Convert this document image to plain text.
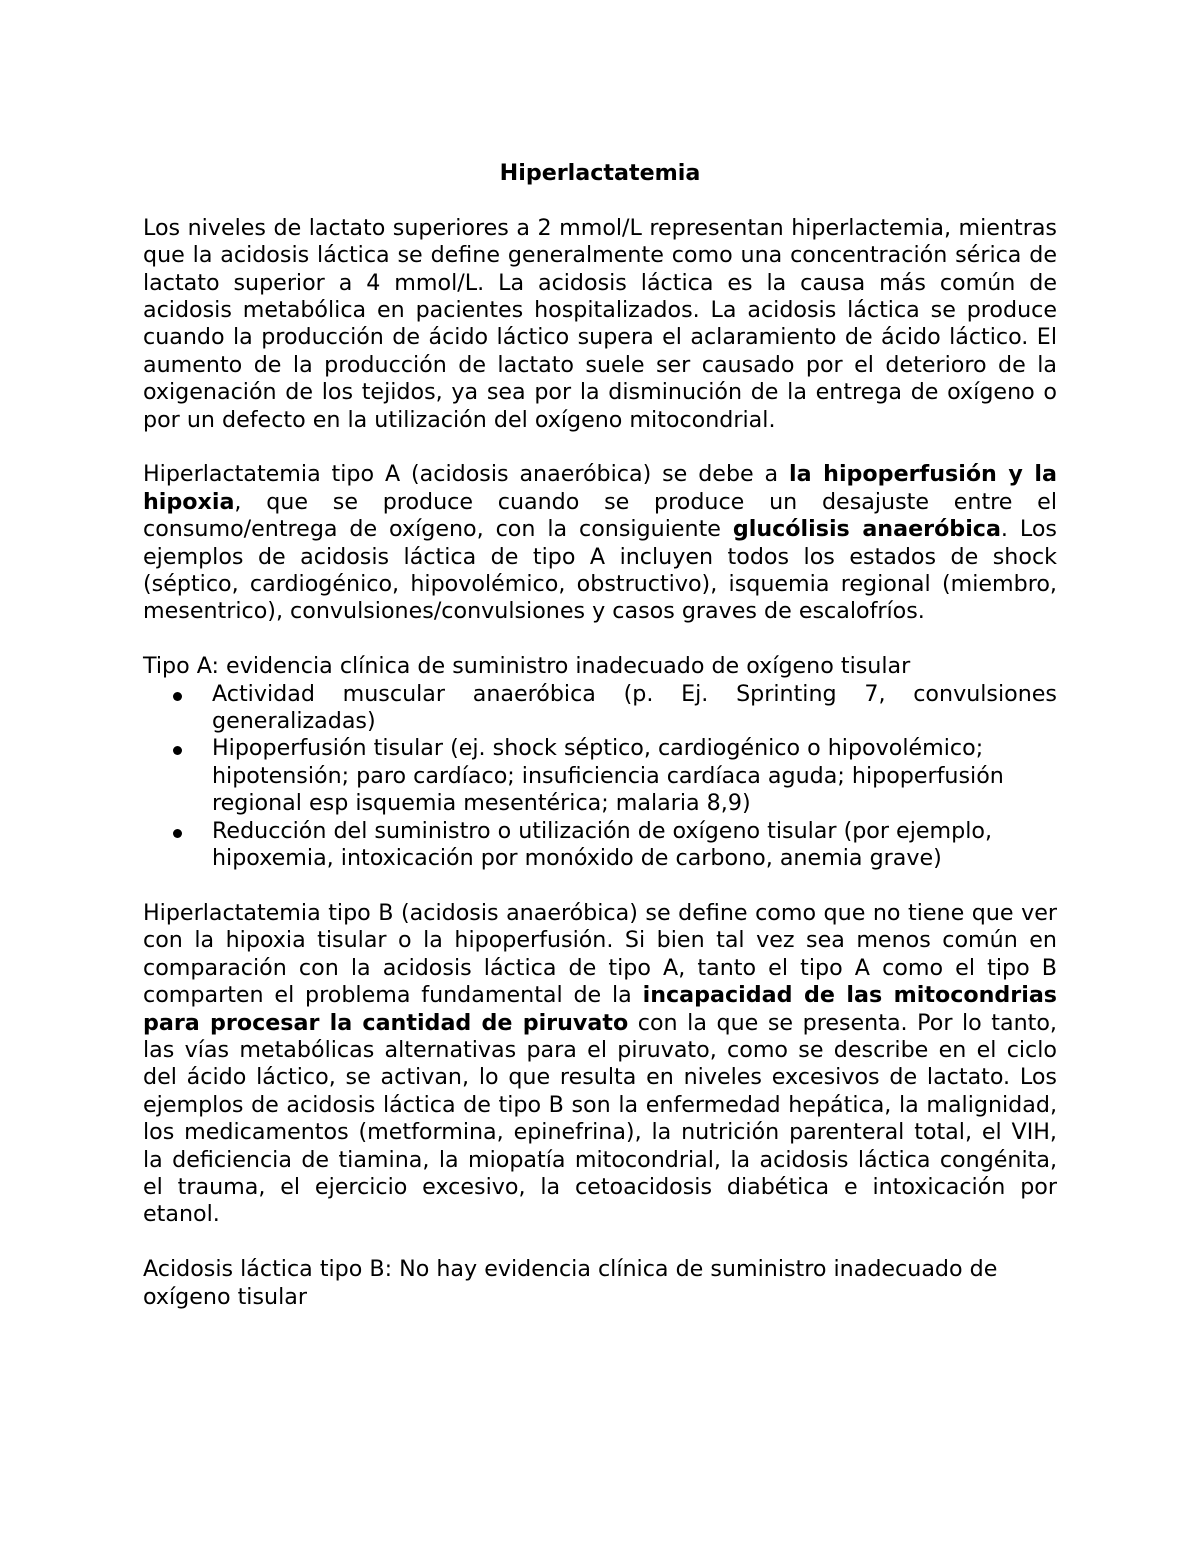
Hiperlactatemia

Los niveles de lactato superiores a 2 mmol/L representan hiperlactemia, mientras que la acidosis láctica se define generalmente como una concentración sérica de lactato superior a 4 mmol/L. La acidosis láctica es la causa más común de acidosis metabólica en pacientes hospitalizados. La acidosis láctica se produce cuando la producción de ácido láctico supera el aclaramiento de ácido láctico. El aumento de la producción de lactato suele ser causado por el deterioro de la oxigenación de los tejidos, ya sea por la disminución de la entrega de oxígeno o por un defecto en la utilización del oxígeno mitocondrial.

Hiperlactatemia tipo A (acidosis anaeróbica) se debe a la hipoperfusión y la hipoxia, que se produce cuando se produce un desajuste entre el consumo/entrega de oxígeno, con la consiguiente glucólisis anaeróbica. Los ejemplos de acidosis láctica de tipo A incluyen todos los estados de shock (séptico, cardiogénico, hipovolémico, obstructivo), isquemia regional (miembro, mesentrico), convulsiones/convulsiones y casos graves de escalofríos.

Tipo A: evidencia clínica de suministro inadecuado de oxígeno tisular

Actividad muscular anaeróbica (p. Ej. Sprinting 7, convulsiones generalizadas)
Hipoperfusión tisular (ej. shock séptico, cardiogénico o hipovolémico; hipotensión; paro cardíaco; insuficiencia cardíaca aguda; hipoperfusión regional esp isquemia mesentérica; malaria 8,9)
Reducción del suministro o utilización de oxígeno tisular (por ejemplo, hipoxemia, intoxicación por monóxido de carbono, anemia grave)

Hiperlactatemia tipo B (acidosis anaeróbica) se define como que no tiene que ver con la hipoxia tisular o la hipoperfusión. Si bien tal vez sea menos común en comparación con la acidosis láctica de tipo A, tanto el tipo A como el tipo B comparten el problema fundamental de la incapacidad de las mitocondrias para procesar la cantidad de piruvato con la que se presenta. Por lo tanto, las vías metabólicas alternativas para el piruvato, como se describe en el ciclo del ácido láctico, se activan, lo que resulta en niveles excesivos de lactato. Los ejemplos de acidosis láctica de tipo B son la enfermedad hepática, la malignidad, los medicamentos (metformina, epinefrina), la nutrición parenteral total, el VIH, la deficiencia de tiamina, la miopatía mitocondrial, la acidosis láctica congénita, el trauma, el ejercicio excesivo, la cetoacidosis diabética e intoxicación por etanol.

Acidosis láctica tipo B: No hay evidencia clínica de suministro inadecuado de oxígeno tisular
